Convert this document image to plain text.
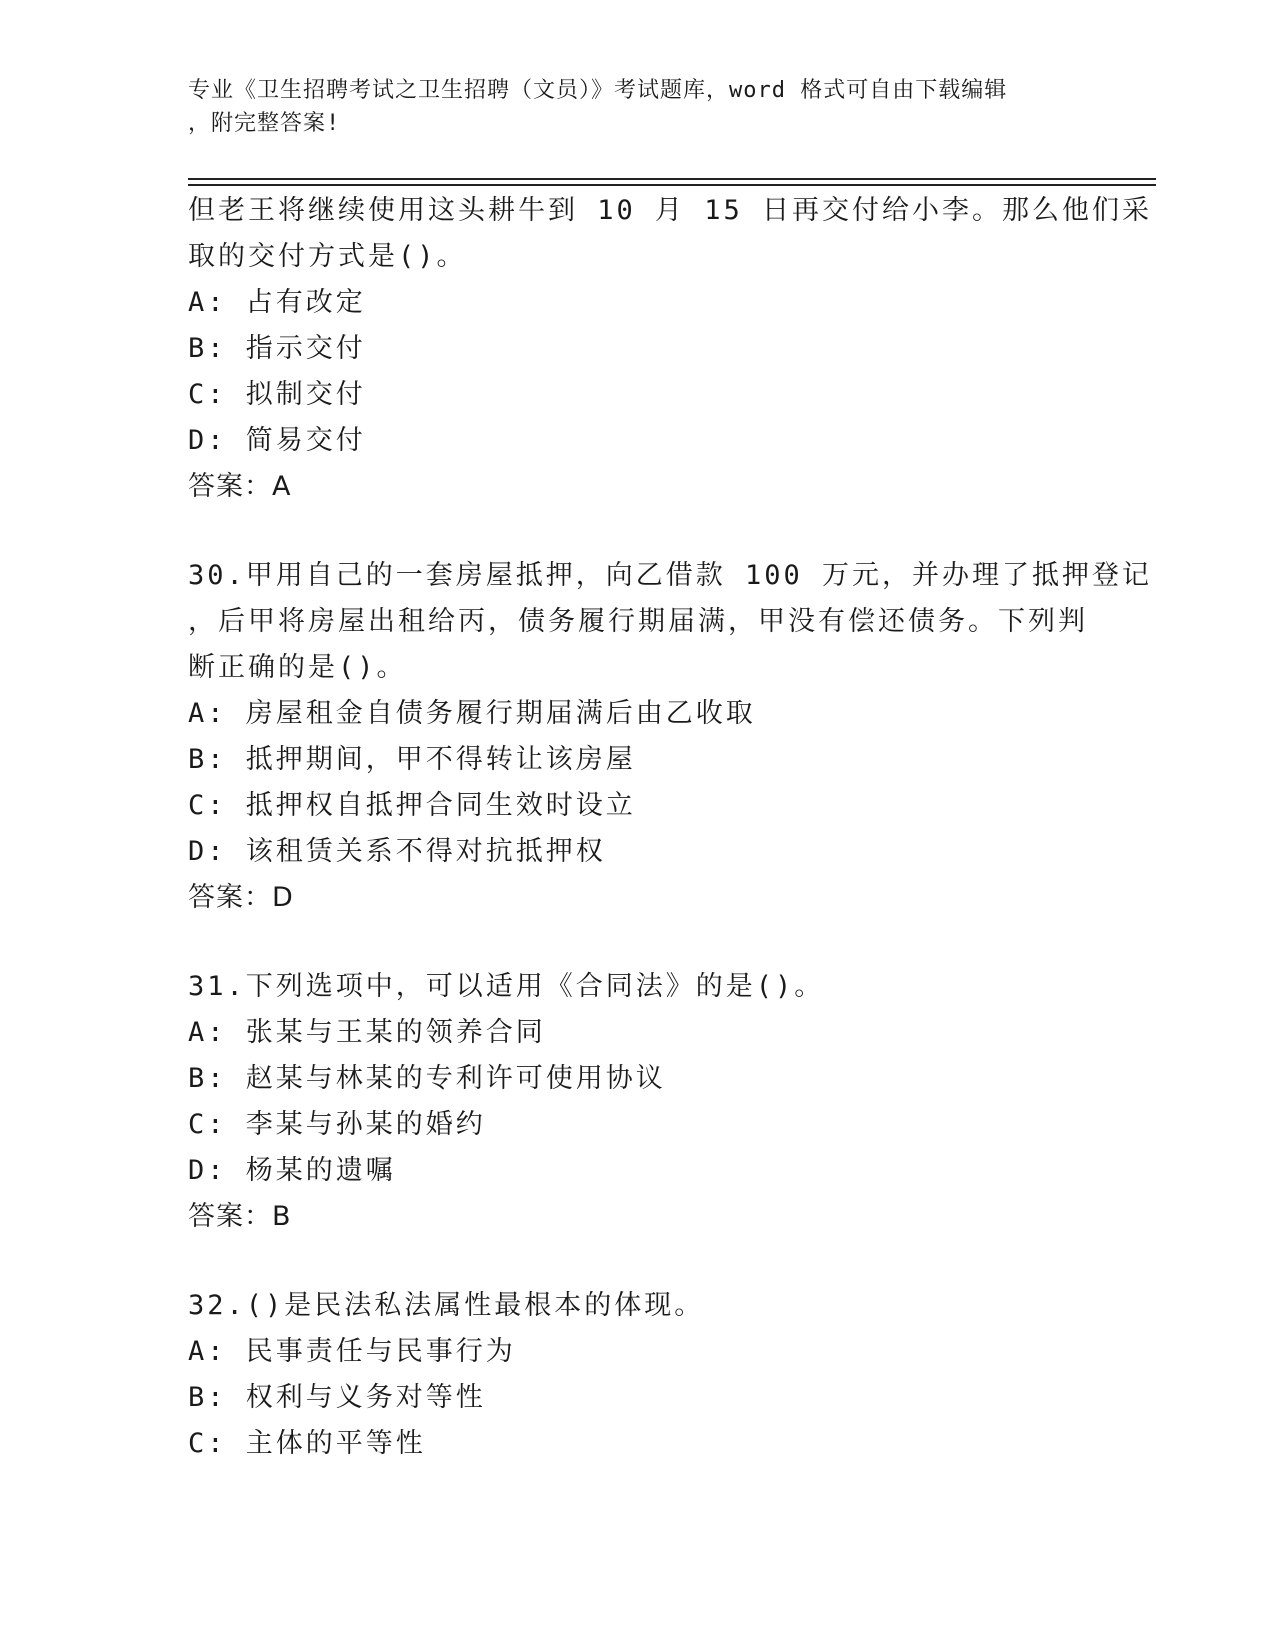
专业《卫生招聘考试之卫生招聘（文员）》考试题库，word 格式可自由下载编辑
，附完整答案!
但老王将继续使用这头耕牛到 10 月 15 日再交付给小李。那么他们采
取的交付方式是()。
A: 占有改定
B: 指示交付
C: 拟制交付
D: 简易交付
答案：A
30.甲用自己的一套房屋抵押，向乙借款 100 万元，并办理了抵押登记
，后甲将房屋出租给丙，债务履行期届满，甲没有偿还债务。下列判
断正确的是()。
A: 房屋租金自债务履行期届满后由乙收取
B: 抵押期间，甲不得转让该房屋
C: 抵押权自抵押合同生效时设立
D: 该租赁关系不得对抗抵押权
答案：D
31.下列选项中，可以适用《合同法》的是()。
A: 张某与王某的领养合同
B: 赵某与林某的专利许可使用协议
C: 李某与孙某的婚约
D: 杨某的遗嘱
答案：B
32.()是民法私法属性最根本的体现。
A: 民事责任与民事行为
B: 权利与义务对等性
C: 主体的平等性
